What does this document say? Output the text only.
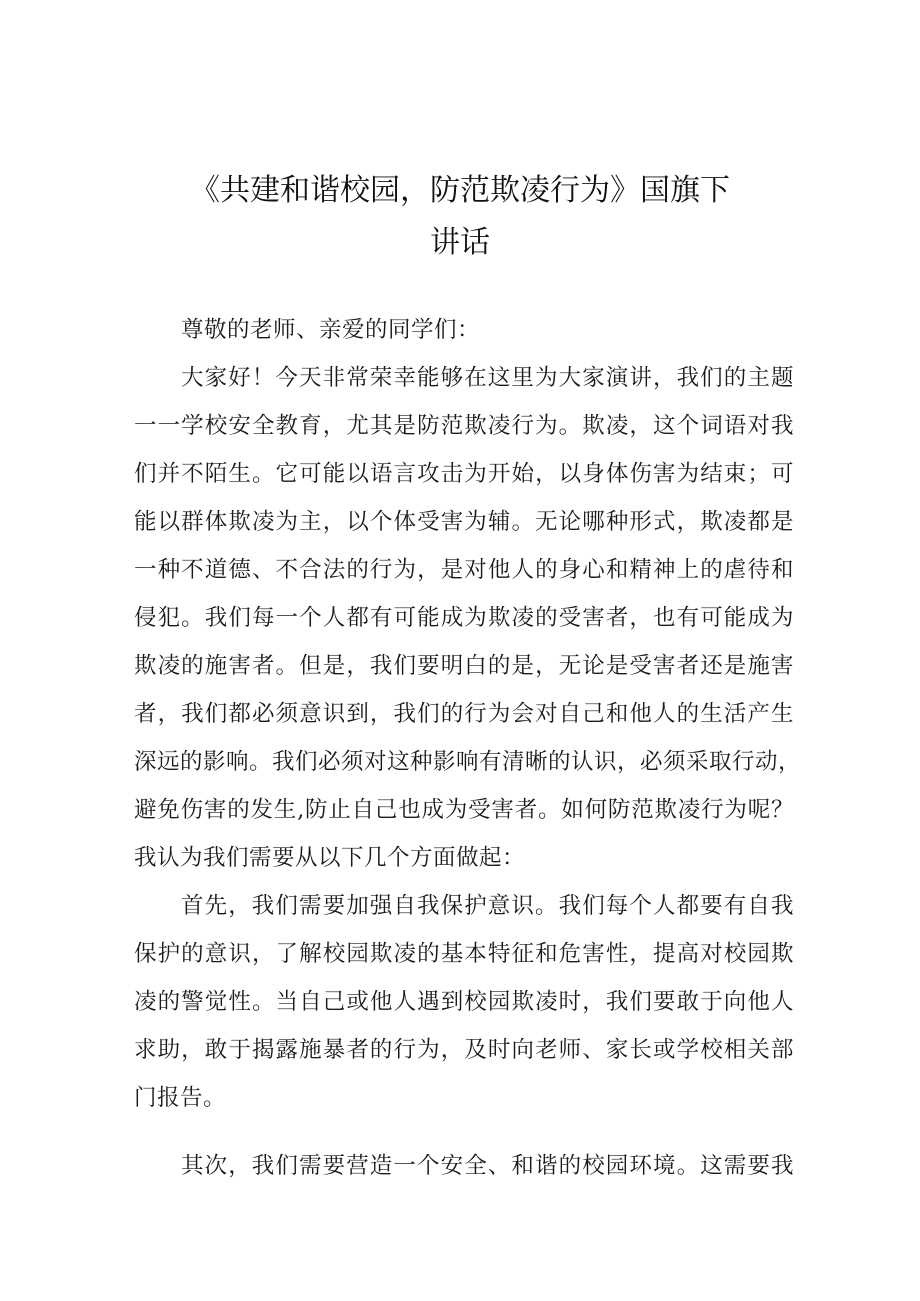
《共建和谐校园，防范欺凌行为》国旗下
讲话

尊敬的老师、亲爱的同学们：

大家好！今天非常荣幸能够在这里为大家演讲，我们的主题

一一学校安全教育，尤其是防范欺凌行为。欺凌，这个词语对我

们并不陌生。它可能以语言攻击为开始，以身体伤害为结束；可

能以群体欺凌为主，以个体受害为辅。无论哪种形式，欺凌都是

一种不道德、不合法的行为，是对他人的身心和精神上的虐待和

侵犯。我们每一个人都有可能成为欺凌的受害者，也有可能成为

欺凌的施害者。但是，我们要明白的是，无论是受害者还是施害

者，我们都必须意识到，我们的行为会对自己和他人的生活产生

深远的影响。我们必须对这种影响有清晰的认识，必须采取行动，

避免伤害的发生,防止自己也成为受害者。如何防范欺凌行为呢？

我认为我们需要从以下几个方面做起：

首先，我们需要加强自我保护意识。我们每个人都要有自我

保护的意识，了解校园欺凌的基本特征和危害性，提高对校园欺

凌的警觉性。当自己或他人遇到校园欺凌时，我们要敢于向他人

求助，敢于揭露施暴者的行为，及时向老师、家长或学校相关部

门报告。

其次，我们需要营造一个安全、和谐的校园环境。这需要我
